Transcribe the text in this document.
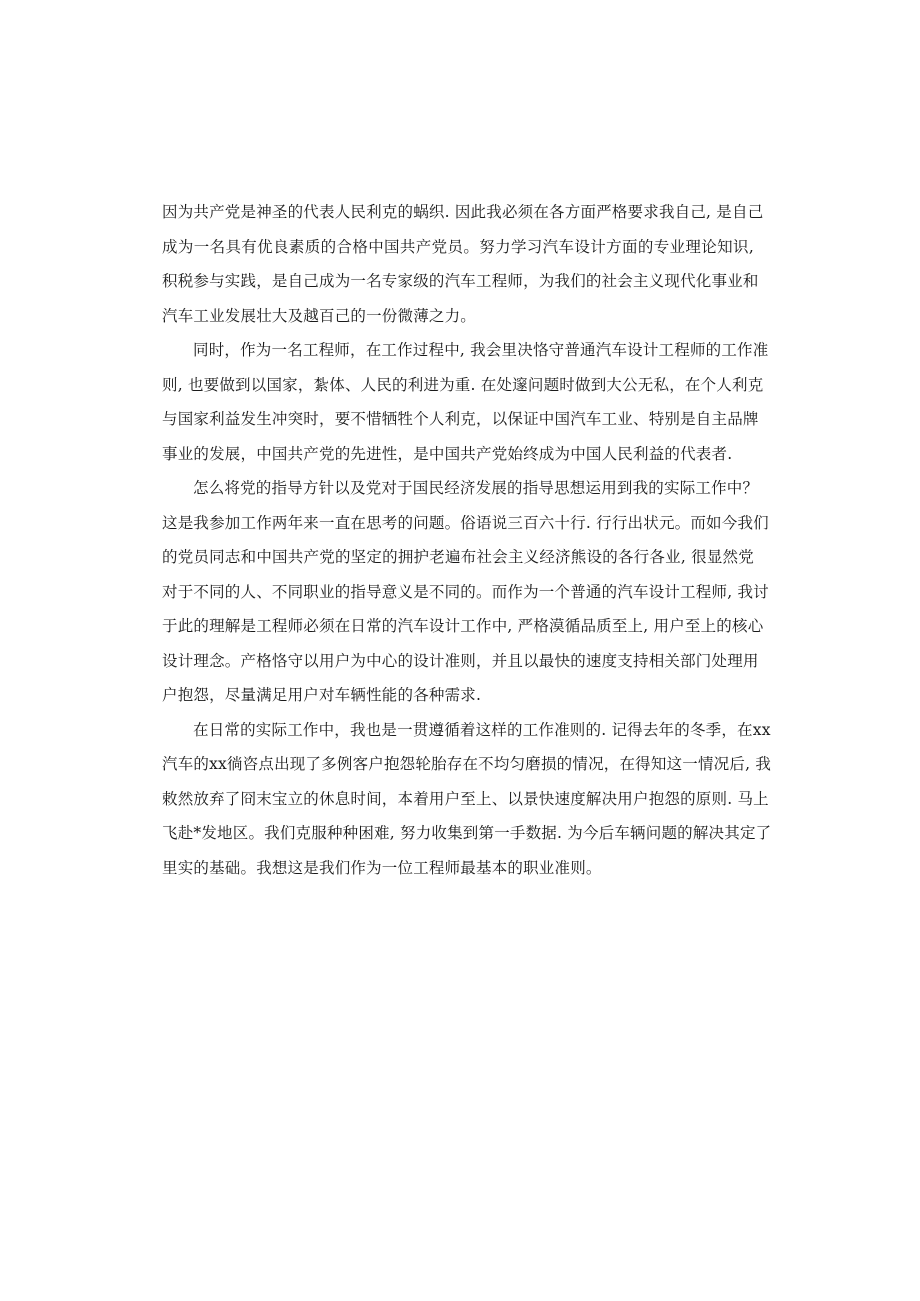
因为共产党是神圣的代表人民利克的蜗织. 因此我必须在各方面严格要求我自己, 是自己
成为一名具有优良素质的合格中国共产党员。努力学习汽车设计方面的专业理论知识,
积税参与实践，是自己成为一名专家级的汽车工程师，为我们的社会主义现代化事业和
汽车工业发展壮大及越百己的一份微薄之力。
同时，作为一名工程师，在工作过程中, 我会里决恪守普通汽车设计工程师的工作准
则, 也要做到以国家，紮体、人民的利进为重. 在处邃问题时做到大公无私，在个人利克
与国家利益发生冲突时，要不惜牺牲个人利克，以保证中国汽车工业、特别是自主品牌
事业的发展，中国共产党的先进性，是中国共产党始终成为中国人民利益的代表者.
怎么将党的指导方针以及党对于国民经济发展的指导思想运用到我的实际工作中？
这是我参加工作两年来一直在思考的问题。俗语说三百六十行. 行行出状元。而如今我们
的党员同志和中国共产党的坚定的拥护老遍布社会主义经济熊设的各行各业, 很显然党
对于不同的人、不同职业的指导意义是不同的。而作为一个普通的汽车设计工程师, 我讨
于此的理解是工程师必须在日常的汽车设计工作中, 严格漠循品质至上, 用户至上的核心
设计理念。产格恪守以用户为中心的设计准则，并且以最快的速度支持相关部门处理用
户抱怨，尽量满足用户对车辆性能的各种需求.
在日常的实际工作中，我也是一贯遵循着这样的工作准则的. 记得去年的冬季，在xx
汽车的xx徜咨点出现了多例客户抱怨轮胎存在不均匀磨损的情况，在得知这一情况后, 我
敕然放弃了冏末宝立的休息时间，本着用户至上、以景快速度解决用户抱怨的原则. 马上
飞赴*发地区。我们克服种种困难, 努力收集到第一手数据. 为今后车辆问题的解决其定了
里实的基础。我想这是我们作为一位工程师最基本的职业准则。
